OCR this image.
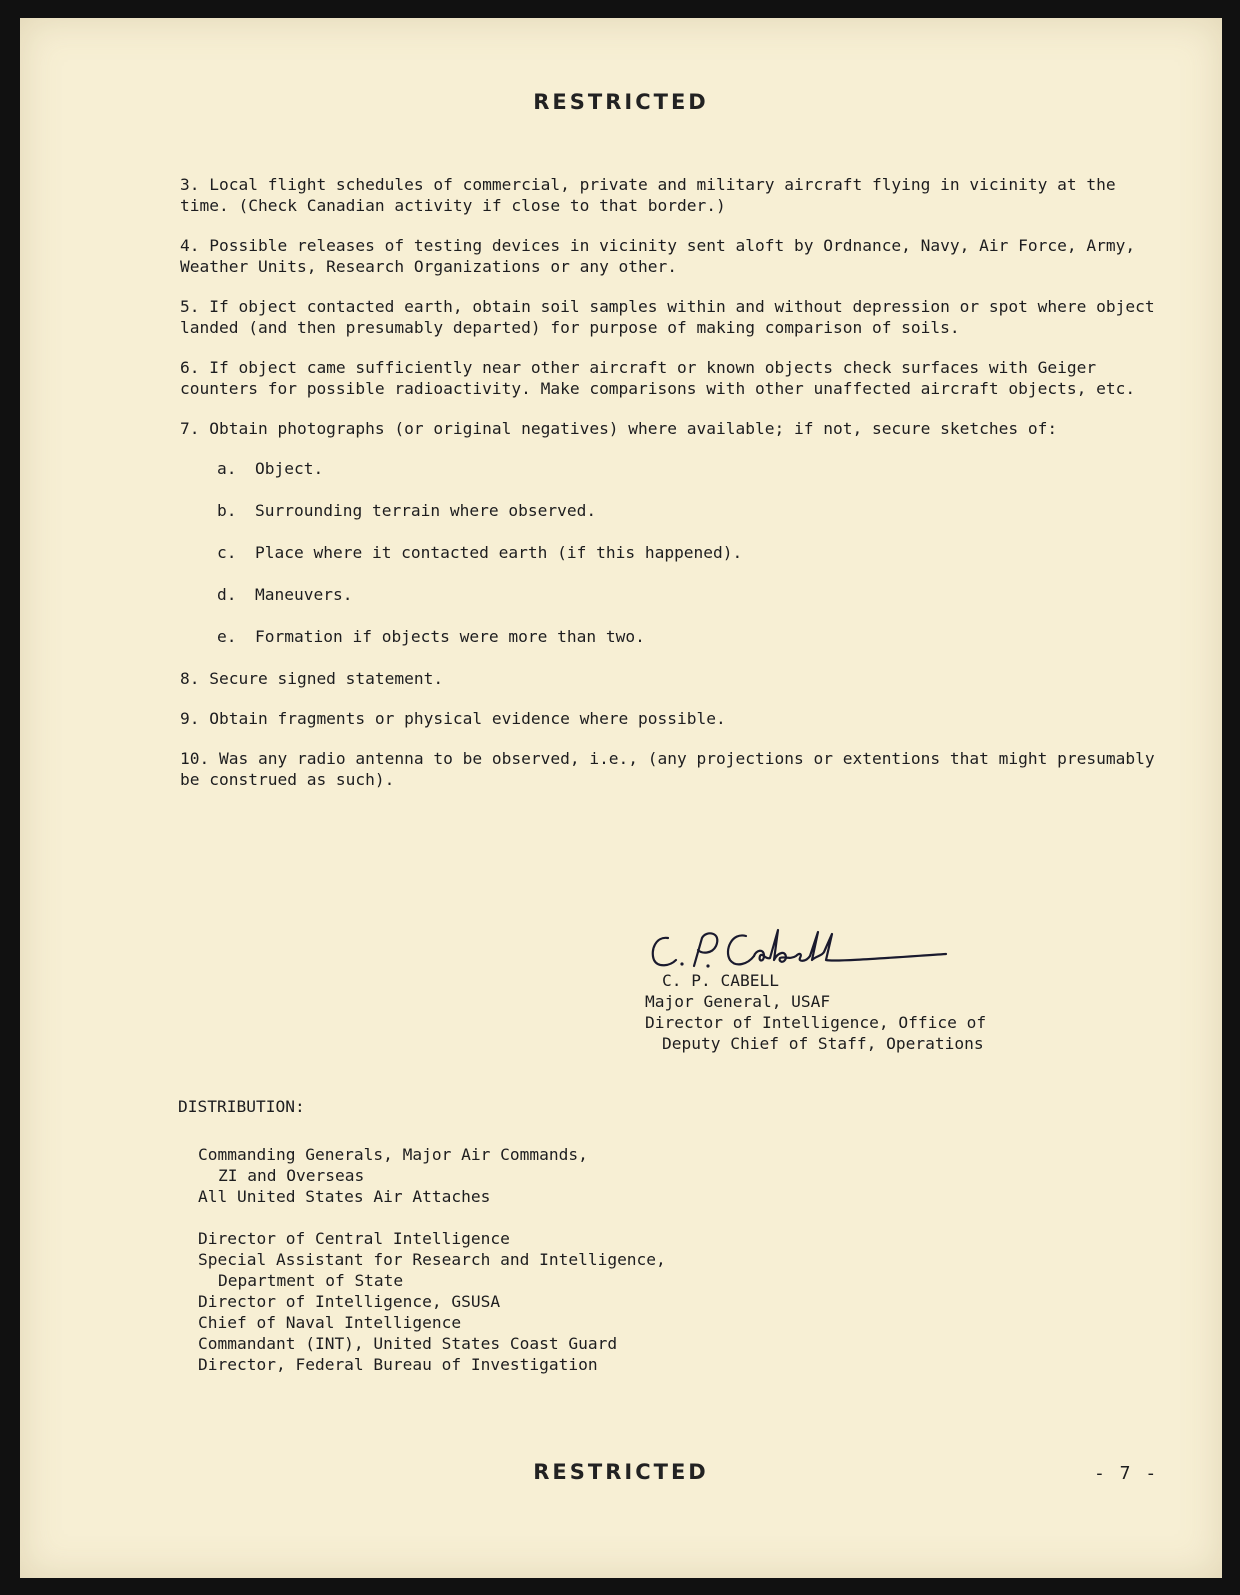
RESTRICTED

3. Local flight schedules of commercial, private and military aircraft flying in vicinity at the time. (Check Canadian activity if close to that border.)

4. Possible releases of testing devices in vicinity sent aloft by Ordnance, Navy, Air Force, Army, Weather Units, Research Organizations or any other.

5. If object contacted earth, obtain soil samples within and without depression or spot where object landed (and then presumably departed) for purpose of making comparison of soils.

6. If object came sufficiently near other aircraft or known objects check surfaces with Geiger counters for possible radioactivity. Make comparisons with other unaffected aircraft objects, etc.

7. Obtain photographs (or original negatives) where available; if not, secure sketches of:

a. Object.
b. Surrounding terrain where observed.
c. Place where it contacted earth (if this happened).
d. Maneuvers.
e. Formation if objects were more than two.

8. Secure signed statement.

9. Obtain fragments or physical evidence where possible.

10. Was any radio antenna to be observed, i.e., (any projections or extentions that might presumably be construed as such).

C. P. CABELL
Major General, USAF
Director of Intelligence, Office of
Deputy Chief of Staff, Operations
DISTRIBUTION:
Commanding Generals, Major Air Commands,
ZI and Overseas
All United States Air Attaches
Director of Central Intelligence
Special Assistant for Research and Intelligence,
Department of State
Director of Intelligence, GSUSA
Chief of Naval Intelligence
Commandant (INT), United States Coast Guard
Director, Federal Bureau of Investigation
RESTRICTED	- 7 -
